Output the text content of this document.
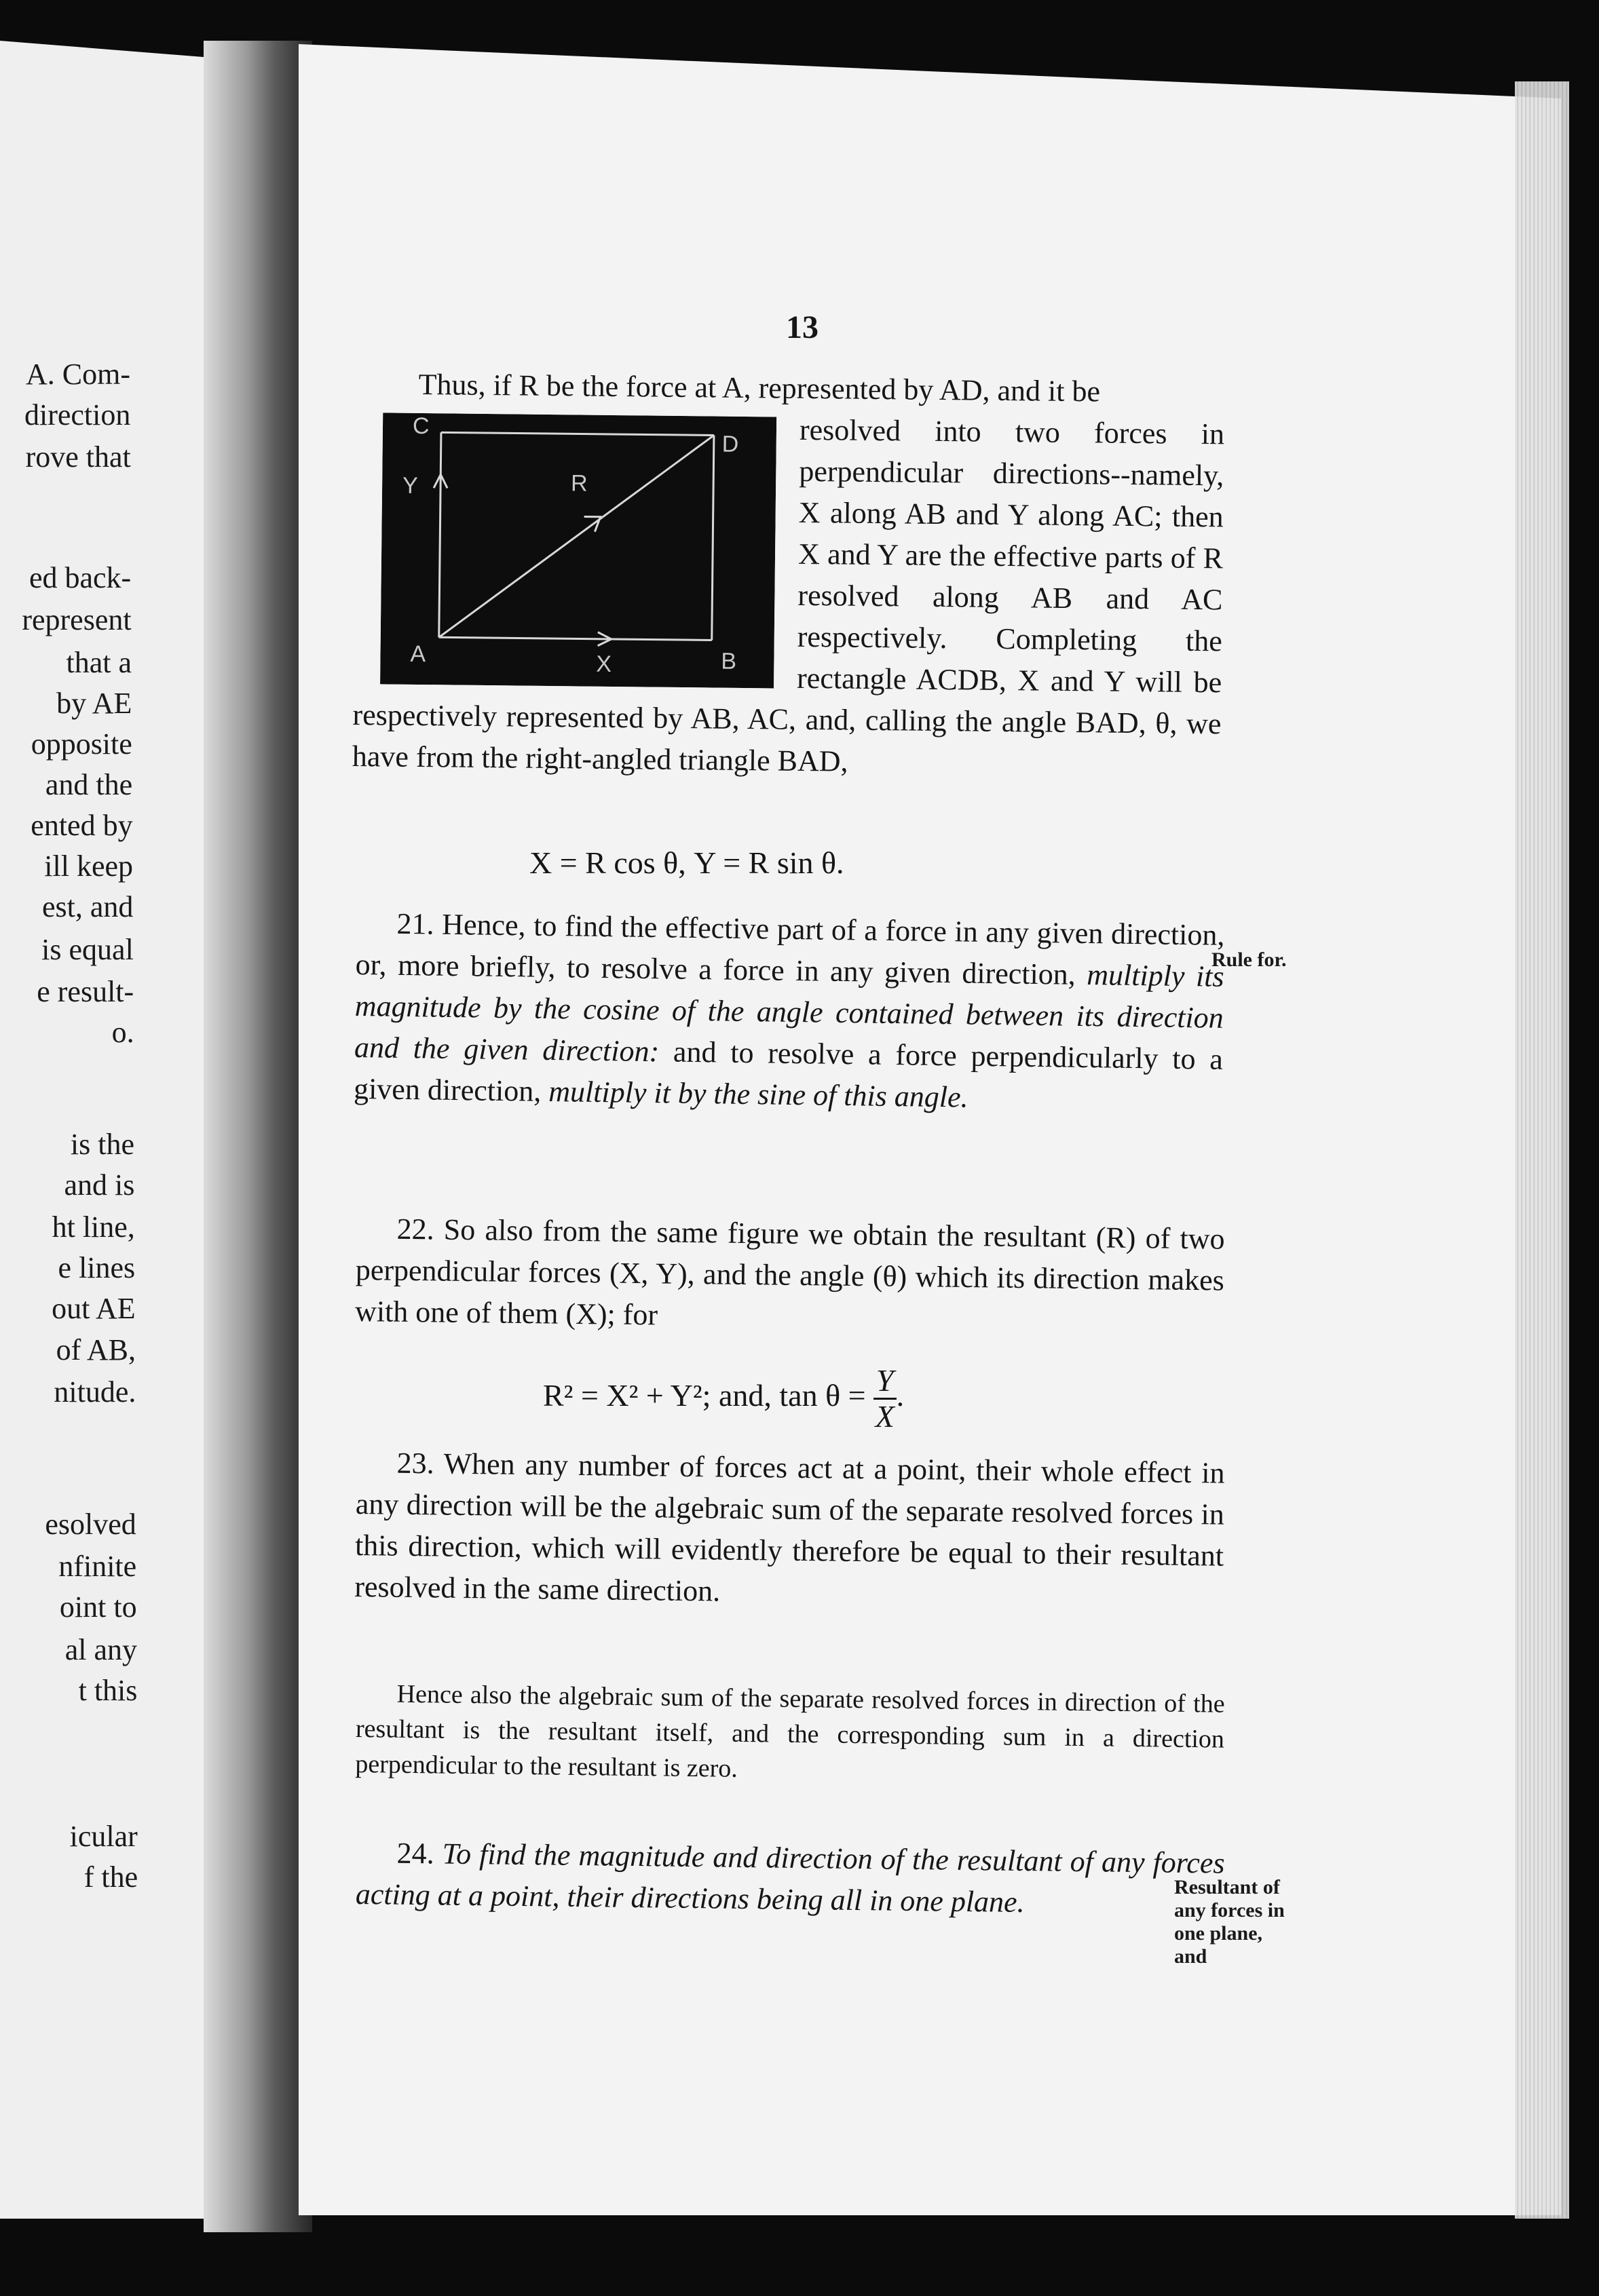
A. Com-
direction
rove that
ed back-
represent
that a
by AE
opposite
and the
ented by
ill keep
est, and
is equal
e result-
o.
is the
and is
ht line,
e lines
out AE
of AB,
nitude.
esolved
nfinite
oint to
al any
t this
icular
f the
13
Thus, if R be the force at A, represented by AD, and it be
Y	R
A	X	B
C
D resolved into two forces in perpendicular directions--namely, X along AB and Y along AC; then X and Y are the effective parts of R resolved along AB and AC respectively. Completing the rectangle ACDB, X and Y will be respectively represented by AB, AC, and, calling the angle BAD, θ, we have from the right-angled triangle BAD,
X = R cos θ, Y = R sin θ.
21. Hence, to find the effective part of a force in any given direction, or, more briefly, to resolve a force in any given direction, multiply its magnitude by the cosine of the angle contained between its direction and the given direction: and to resolve a force perpendicularly to a given direction, multiply it by the sine of this angle.
Rule for.
22. So also from the same figure we obtain the resultant (R) of two perpendicular forces (X, Y), and the angle (θ) which its direction makes with one of them (X); for
R² = X² + Y²; and, $\tan \theta = \frac{Y}{X}$ .
23. When any number of forces act at a point, their whole effect in any direction will be the algebraic sum of the separate resolved forces in this direction, which will evidently therefore be equal to their resultant resolved in the same direction.
Hence also the algebraic sum of the separate resolved forces in direction of the resultant is the resultant itself, and the corresponding sum in a direction perpendicular to the resultant is zero.
24. To find the magnitude and direction of the resultant of any forces acting at a point, their directions being all in one plane.	Resultant of
any forces in
one plane,
and
